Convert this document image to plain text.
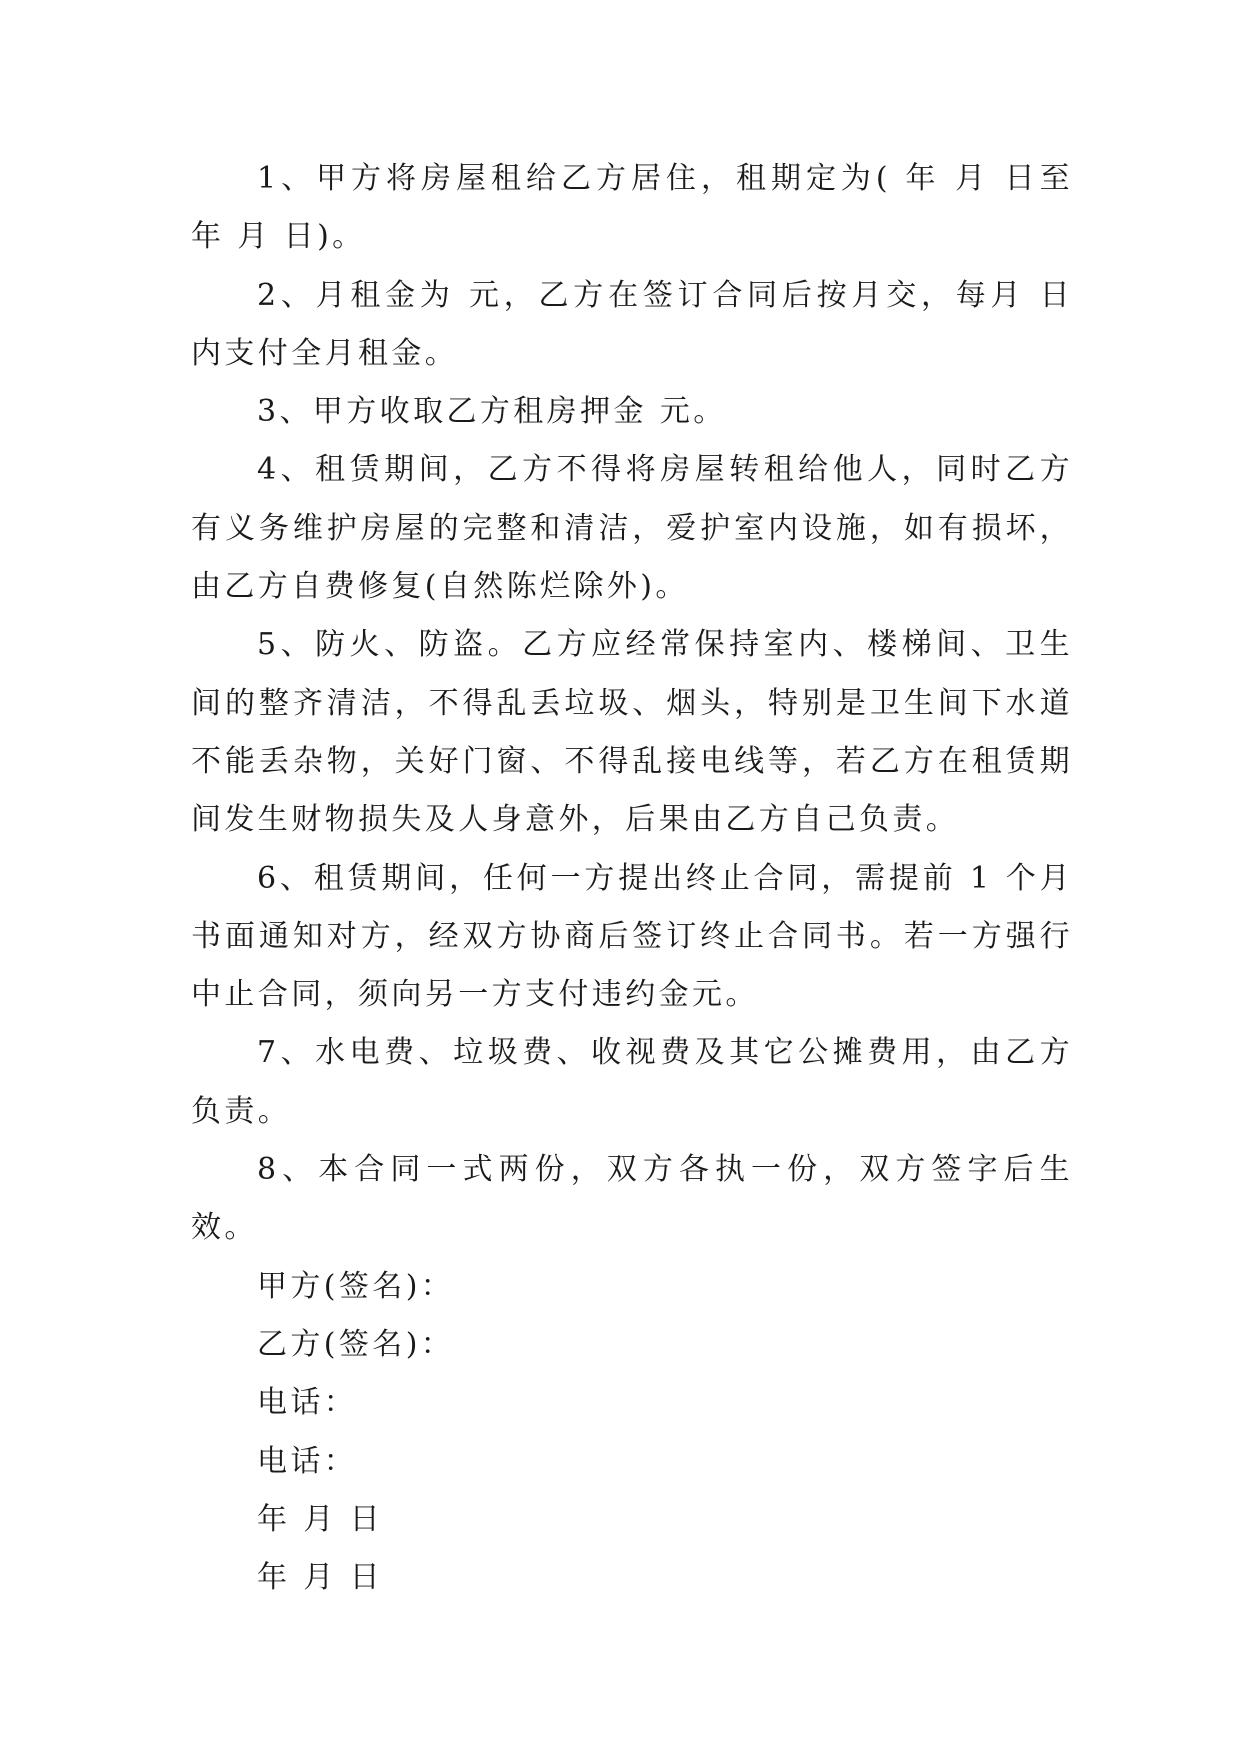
1、甲方将房屋租给乙方居住，租期定为( 年 月 日至 年 月 日)。

2、月租金为 元，乙方在签订合同后按月交，每月 日内支付全月租金。

3、甲方收取乙方租房押金 元。

4、租赁期间，乙方不得将房屋转租给他人，同时乙方有义务维护房屋的完整和清洁，爱护室内设施，如有损坏，由乙方自费修复(自然陈烂除外)。

5、防火、防盗。乙方应经常保持室内、楼梯间、卫生间的整齐清洁，不得乱丢垃圾、烟头，特别是卫生间下水道不能丢杂物，关好门窗、不得乱接电线等，若乙方在租赁期间发生财物损失及人身意外，后果由乙方自己负责。

6、租赁期间，任何一方提出终止合同，需提前 1 个月书面通知对方，经双方协商后签订终止合同书。若一方强行中止合同，须向另一方支付违约金元。

7、水电费、垃圾费、收视费及其它公摊费用，由乙方负责。

8、本合同一式两份，双方各执一份，双方签字后生效。

甲方(签名)：

乙方(签名)：

电话：

电话：

年 月 日

年 月 日
